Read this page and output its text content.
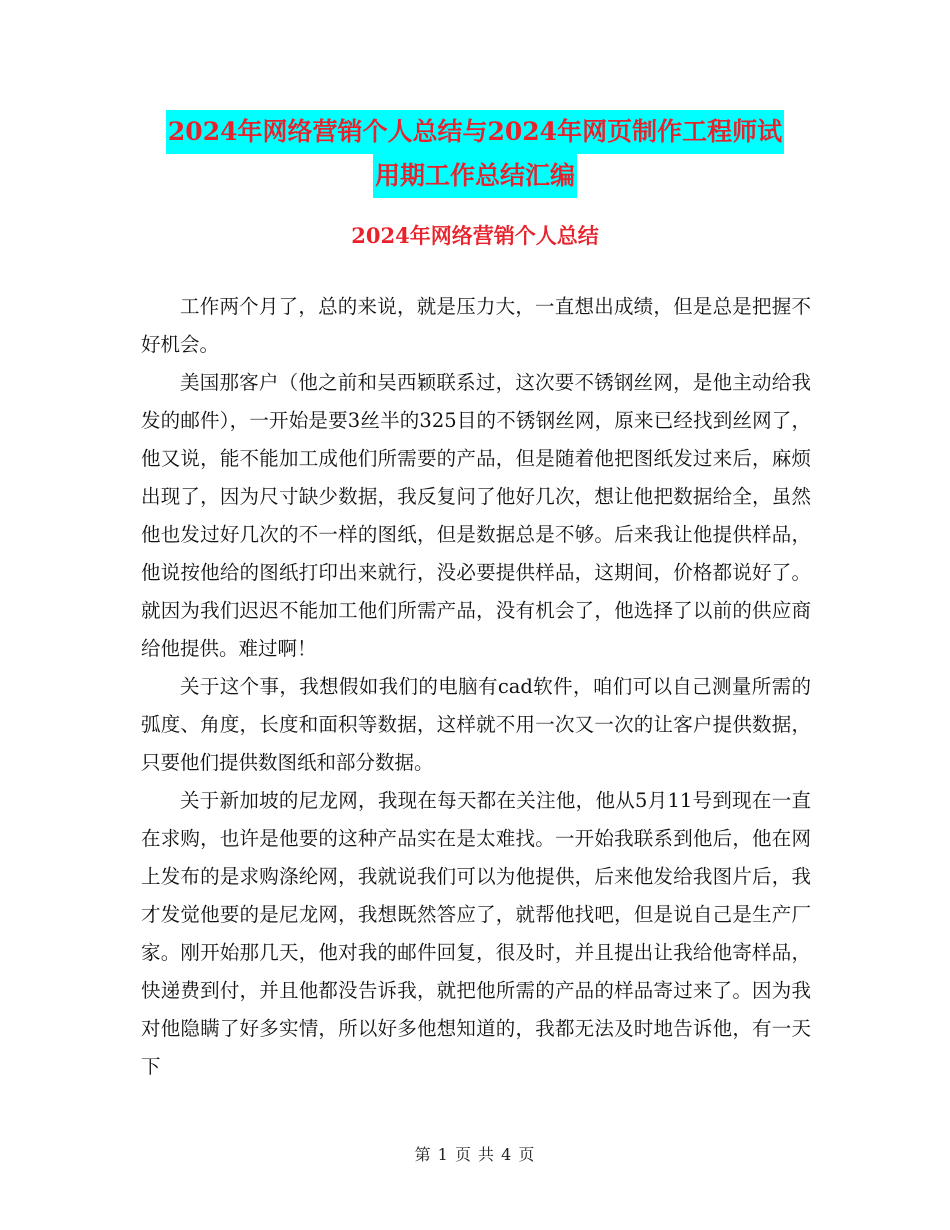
2024年网络营销个人总结与2024年网页制作工程师试
用期工作总结汇编
2024年网络营销个人总结

工作两个月了，总的来说，就是压力大，一直想出成绩，但是总是把握不好机会。

美国那客户（他之前和吴西颖联系过，这次要不锈钢丝网，是他主动给我发的邮件），一开始是要3丝半的325目的不锈钢丝网，原来已经找到丝网了，他又说，能不能加工成他们所需要的产品，但是随着他把图纸发过来后，麻烦出现了，因为尺寸缺少数据，我反复问了他好几次，想让他把数据给全，虽然他也发过好几次的不一样的图纸，但是数据总是不够。后来我让他提供样品，他说按他给的图纸打印出来就行，没必要提供样品，这期间，价格都说好了。就因为我们迟迟不能加工他们所需产品，没有机会了，他选择了以前的供应商给他提供。难过啊！

关于这个事，我想假如我们的电脑有cad软件，咱们可以自己测量所需的弧度、角度，长度和面积等数据，这样就不用一次又一次的让客户提供数据，只要他们提供数图纸和部分数据。

关于新加坡的尼龙网，我现在每天都在关注他，他从5月11号到现在一直在求购，也许是他要的这种产品实在是太难找。一开始我联系到他后，他在网上发布的是求购涤纶网，我就说我们可以为他提供，后来他发给我图片后，我才发觉他要的是尼龙网，我想既然答应了，就帮他找吧，但是说自己是生产厂家。刚开始那几天，他对我的邮件回复，很及时，并且提出让我给他寄样品，快递费到付，并且他都没告诉我，就把他所需的产品的样品寄过来了。因为我对他隐瞒了好多实情，所以好多他想知道的，我都无法及时地告诉他，有一天下

第 1 页 共 4 页
